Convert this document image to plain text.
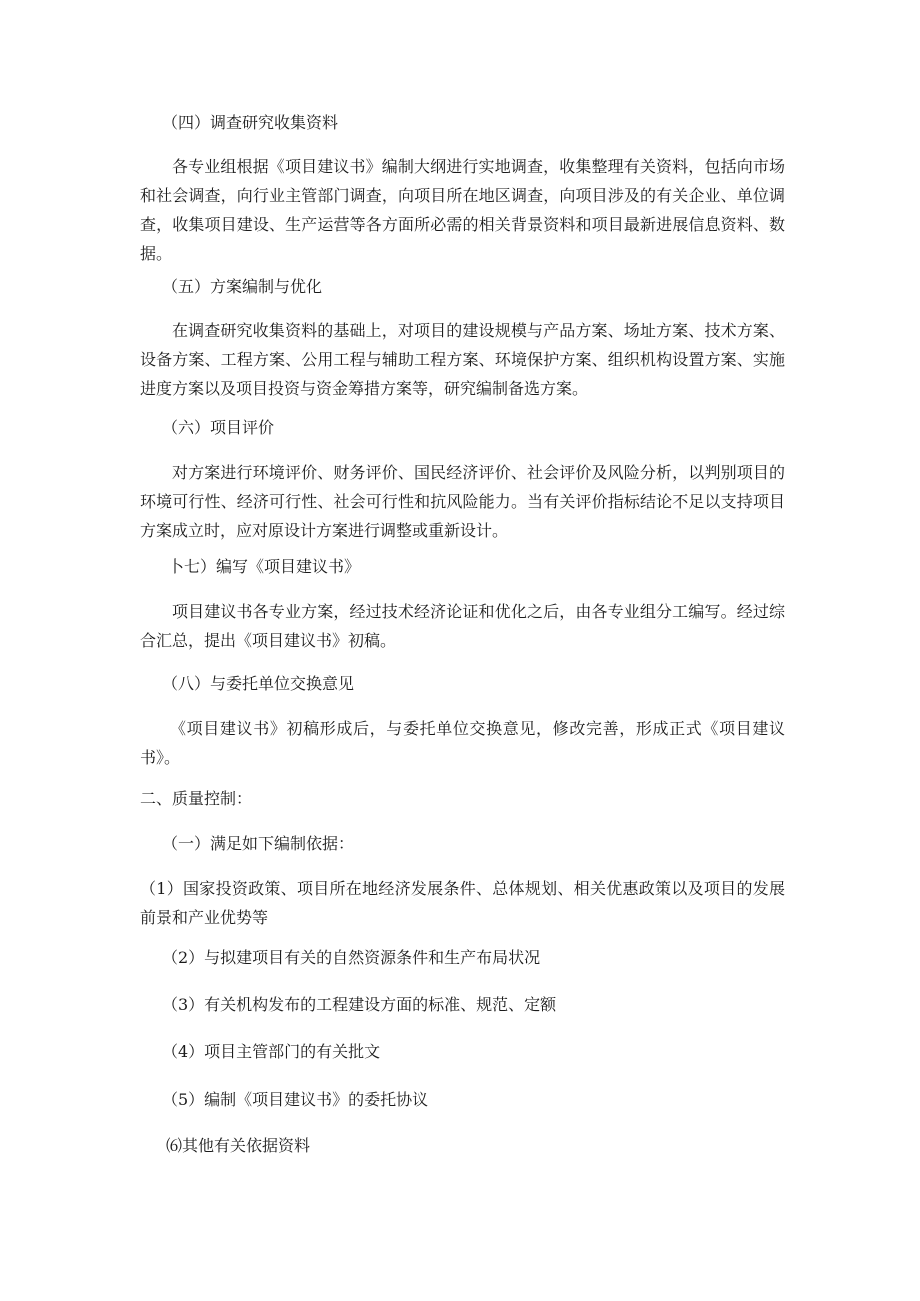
（四）调查研究收集资料

各专业组根据《项目建议书》编制大纲进行实地调查，收集整理有关资料，包括向市场和社会调查，向行业主管部门调查，向项目所在地区调查，向项目涉及的有关企业、单位调查，收集项目建设、生产运营等各方面所必需的相关背景资料和项目最新进展信息资料、数据。

（五）方案编制与优化

在调查研究收集资料的基础上，对项目的建设规模与产品方案、场址方案、技术方案、设备方案、工程方案、公用工程与辅助工程方案、环境保护方案、组织机构设置方案、实施进度方案以及项目投资与资金筹措方案等，研究编制备选方案。

（六）项目评价

对方案进行环境评价、财务评价、国民经济评价、社会评价及风险分析，以判别项目的环境可行性、经济可行性、社会可行性和抗风险能力。当有关评价指标结论不足以支持项目方案成立时，应对原设计方案进行调整或重新设计。

卜七）编写《项目建议书》

项目建议书各专业方案，经过技术经济论证和优化之后，由各专业组分工编写。经过综合汇总，提出《项目建议书》初稿。

（八）与委托单位交换意见

《项目建议书》初稿形成后，与委托单位交换意见，修改完善，形成正式《项目建议书》。

二、质量控制：

（一）满足如下编制依据：

（1）国家投资政策、项目所在地经济发展条件、总体规划、相关优惠政策以及项目的发展前景和产业优势等

（2）与拟建项目有关的自然资源条件和生产布局状况

（3）有关机构发布的工程建设方面的标准、规范、定额

（4）项目主管部门的有关批文

（5）编制《项目建议书》的委托协议

⑹其他有关依据资料
